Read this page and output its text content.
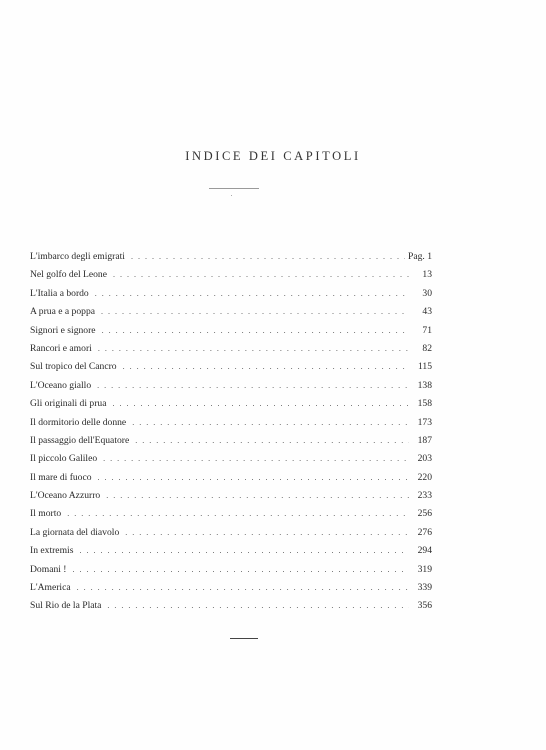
INDICE DEI CAPITOLI
L'imbarco degli emigrati . . .	Pag. 1
Nel golfo del Leone . . .	13
L'Italia a bordo . . .	30
A prua e a poppa . . .	43
Signori e signore . . .	71
Rancori e amori . . .	82
Sul tropico del Cancro . . .	115
L'Oceano giallo . . .	138
Gli originali di prua . . .	158
Il dormitorio delle donne . . .	173
Il passaggio dell'Equatore . . .	187
Il piccolo Galileo . . .	203
Il mare di fuoco . . .	220
L'Oceano Azzurro . . .	233
Il morto . . .	256
La giornata del diavolo . . .	276
In extremis . . .	294
Domani ! . . .	319
L'America . . .	339
Sul Rio de la Plata . . .	356
